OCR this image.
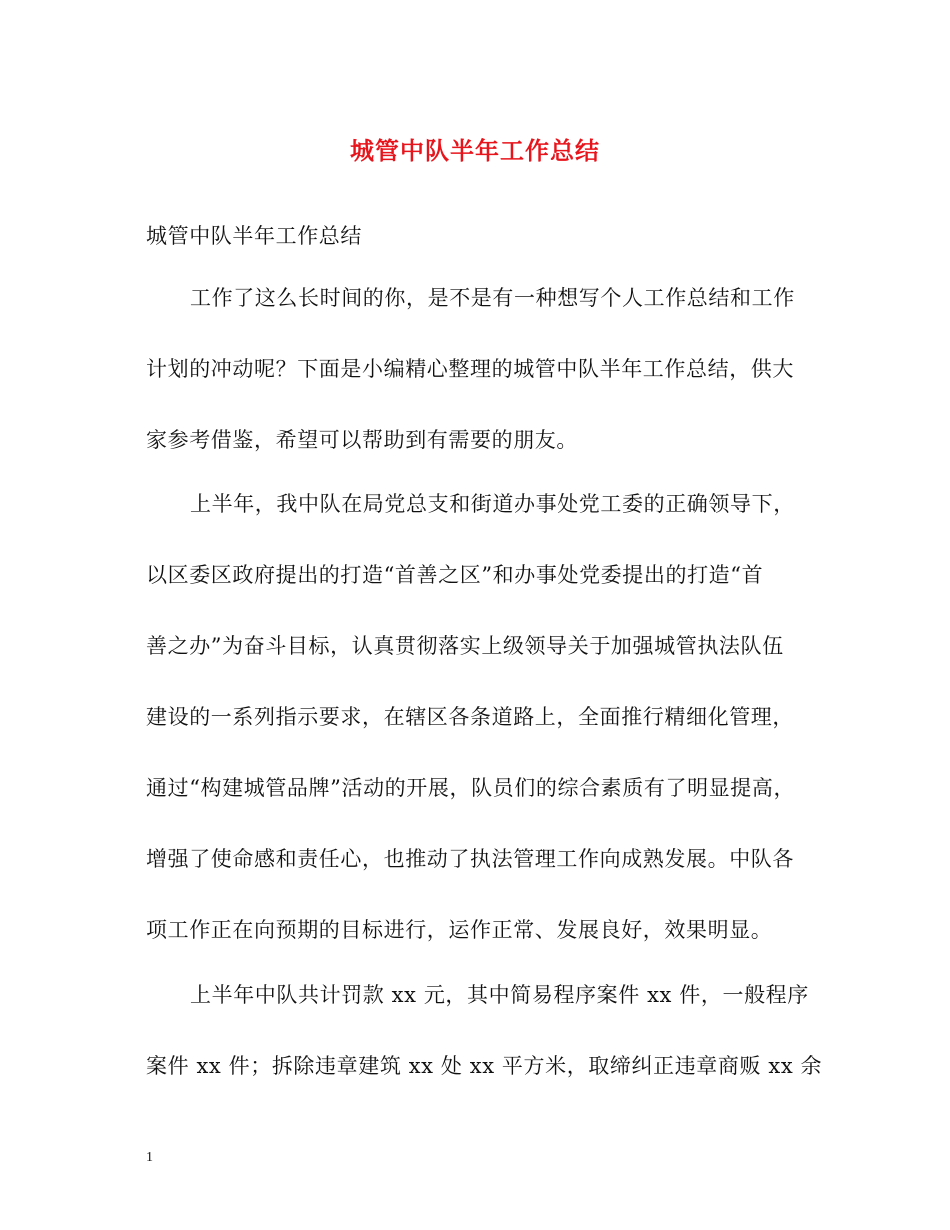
城管中队半年工作总结
城管中队半年工作总结
工作了这么长时间的你，是不是有一种想写个人工作总结和工作
计划的冲动呢？下面是小编精心整理的城管中队半年工作总结，供大
家参考借鉴，希望可以帮助到有需要的朋友。
上半年，我中队在局党总支和街道办事处党工委的正确领导下，
以区委区政府提出的打造“首善之区”和办事处党委提出的打造“首
善之办”为奋斗目标，认真贯彻落实上级领导关于加强城管执法队伍
建设的一系列指示要求，在辖区各条道路上，全面推行精细化管理，
通过“构建城管品牌”活动的开展，队员们的综合素质有了明显提高，
增强了使命感和责任心，也推动了执法管理工作向成熟发展。中队各
项工作正在向预期的目标进行，运作正常、发展良好，效果明显。
上半年中队共计罚款 xx 元，其中简易程序案件 xx 件，一般程序
案件 xx 件；拆除违章建筑 xx 处 xx 平方米，取缔纠正违章商贩 xx 余
1
